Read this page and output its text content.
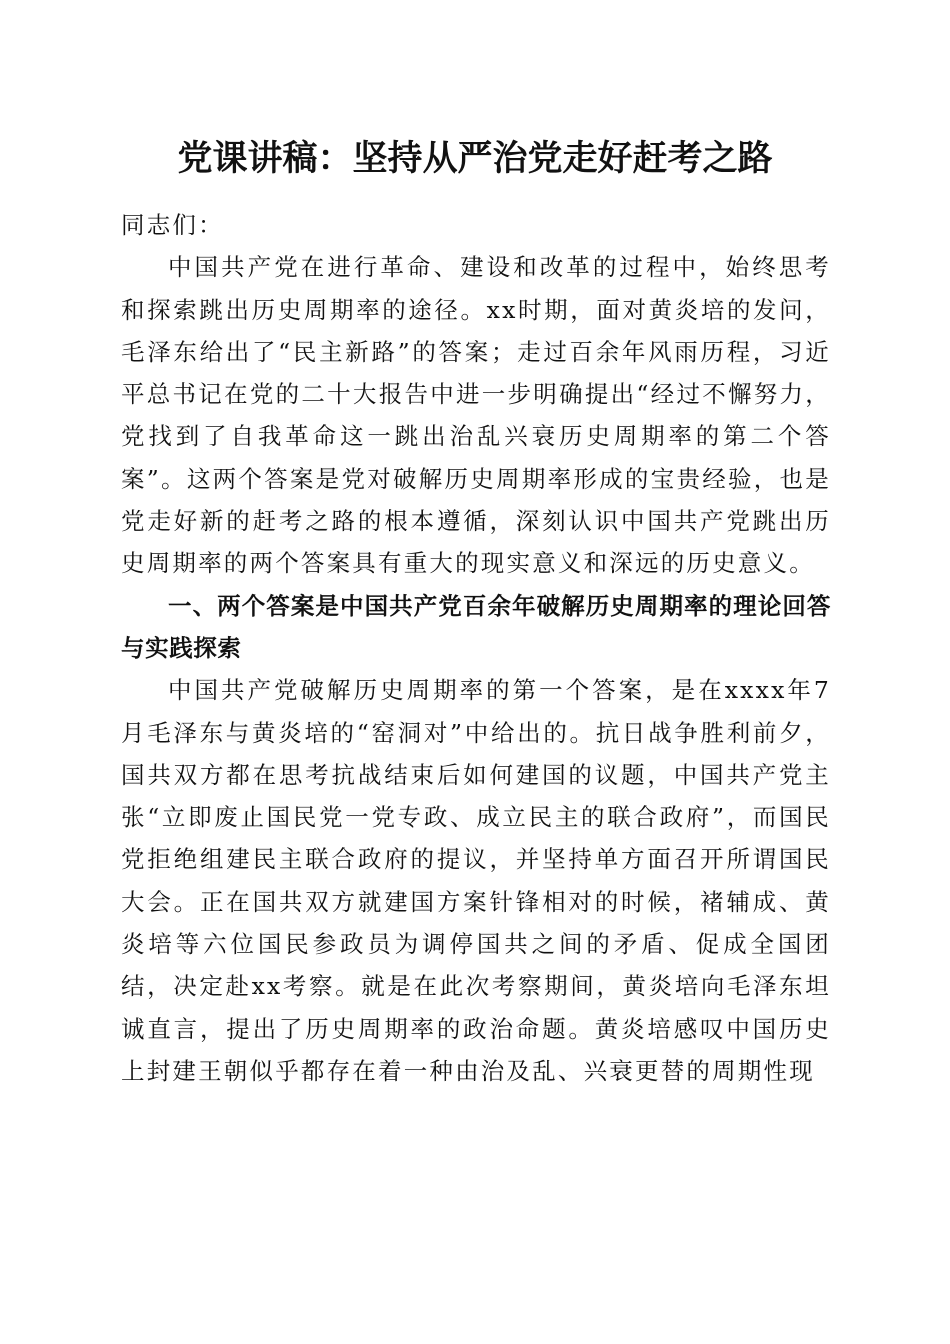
党课讲稿：坚持从严治党走好赶考之路

同志们：

中国共产党在进行革命、建设和改革的过程中，始终思考和探索跳出历史周期率的途径。xx时期，面对黄炎培的发问，毛泽东给出了“民主新路”的答案；走过百余年风雨历程，习近平总书记在党的二十大报告中进一步明确提出“经过不懈努力，党找到了自我革命这一跳出治乱兴衰历史周期率的第二个答案”。这两个答案是党对破解历史周期率形成的宝贵经验，也是党走好新的赶考之路的根本遵循，深刻认识中国共产党跳出历史周期率的两个答案具有重大的现实意义和深远的历史意义。

一、两个答案是中国共产党百余年破解历史周期率的理论回答与实践探索

中国共产党破解历史周期率的第一个答案，是在xxxx年7月毛泽东与黄炎培的“窑洞对”中给出的。抗日战争胜利前夕，国共双方都在思考抗战结束后如何建国的议题，中国共产党主张“立即废止国民党一党专政、成立民主的联合政府”，而国民党拒绝组建民主联合政府的提议，并坚持单方面召开所谓国民大会。正在国共双方就建国方案针锋相对的时候，褚辅成、黄炎培等六位国民参政员为调停国共之间的矛盾、促成全国团结，决定赴xx考察。就是在此次考察期间，黄炎培向毛泽东坦诚直言，提出了历史周期率的政治命题。黄炎培感叹中国历史上封建王朝似乎都存在着一种由治及乱、兴衰更替的周期性现
